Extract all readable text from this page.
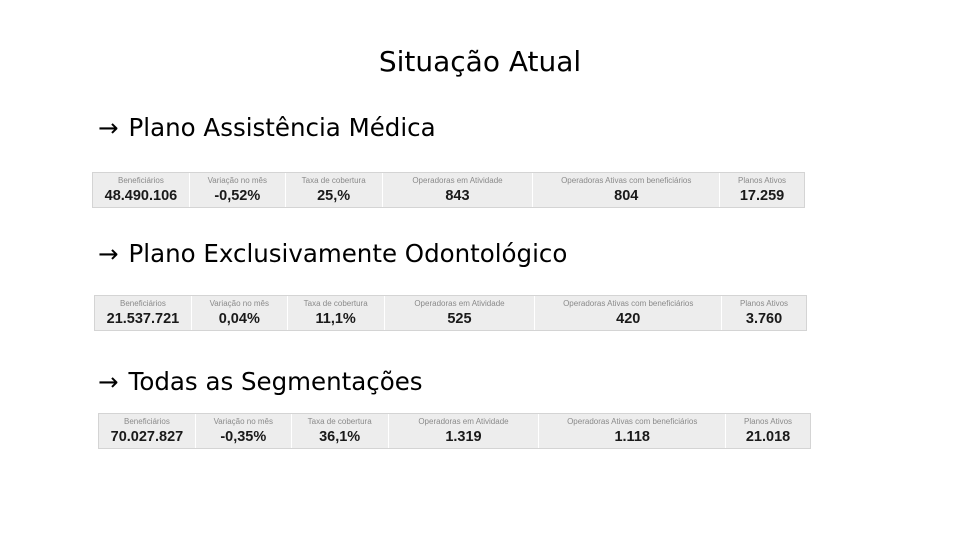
Situação Atual
→ Plano Assistência Médica
Beneficiários
48.490.106
Variação no mês
-0,52%
Taxa de cobertura
25,%
Operadoras em Atividade
843
Operadoras Ativas com beneficiários
804
Planos Ativos
17.259
→ Plano Exclusivamente Odontológico
Beneficiários
21.537.721
Variação no mês
0,04%
Taxa de cobertura
11,1%
Operadoras em Atividade
525
Operadoras Ativas com beneficiários
420
Planos Ativos
3.760
→ Todas as Segmentações
Beneficiários
70.027.827
Variação no mês
-0,35%
Taxa de cobertura
36,1%
Operadoras em Atividade
1.319
Operadoras Ativas com beneficiários
1.118
Planos Ativos
21.018
